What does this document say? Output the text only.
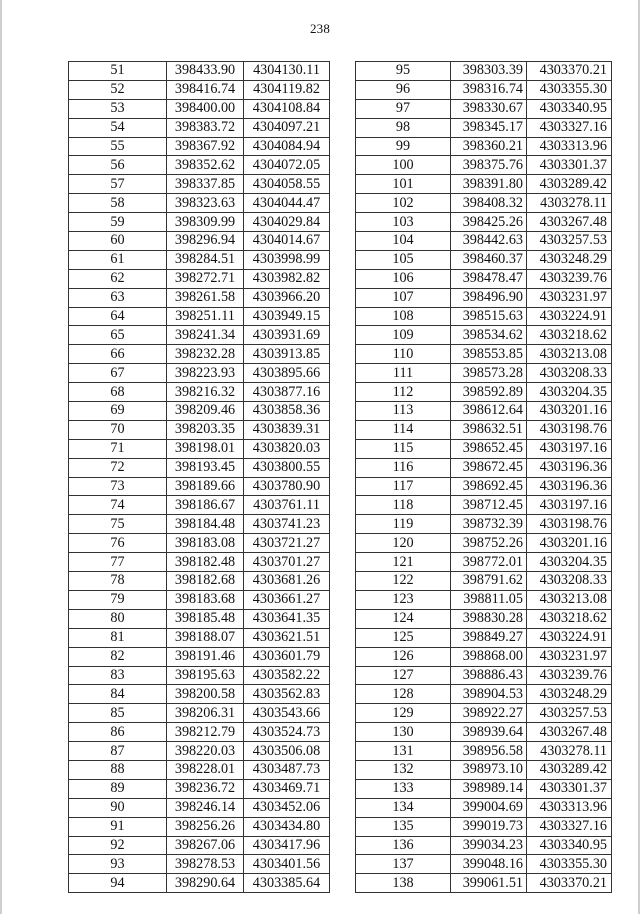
238
51	398433.90	4304130.11
52	398416.74	4304119.82
53	398400.00	4304108.84
54	398383.72	4304097.21
55	398367.92	4304084.94
56	398352.62	4304072.05
57	398337.85	4304058.55
58	398323.63	4304044.47
59	398309.99	4304029.84
60	398296.94	4304014.67
61	398284.51	4303998.99
62	398272.71	4303982.82
63	398261.58	4303966.20
64	398251.11	4303949.15
65	398241.34	4303931.69
66	398232.28	4303913.85
67	398223.93	4303895.66
68	398216.32	4303877.16
69	398209.46	4303858.36
70	398203.35	4303839.31
71	398198.01	4303820.03
72	398193.45	4303800.55
73	398189.66	4303780.90
74	398186.67	4303761.11
75	398184.48	4303741.23
76	398183.08	4303721.27
77	398182.48	4303701.27
78	398182.68	4303681.26
79	398183.68	4303661.27
80	398185.48	4303641.35
81	398188.07	4303621.51
82	398191.46	4303601.79
83	398195.63	4303582.22
84	398200.58	4303562.83
85	398206.31	4303543.66
86	398212.79	4303524.73
87	398220.03	4303506.08
88	398228.01	4303487.73
89	398236.72	4303469.71
90	398246.14	4303452.06
91	398256.26	4303434.80
92	398267.06	4303417.96
93	398278.53	4303401.56
94	398290.64	4303385.64
95	398303.39	4303370.21
96	398316.74	4303355.30
97	398330.67	4303340.95
98	398345.17	4303327.16
99	398360.21	4303313.96
100	398375.76	4303301.37
101	398391.80	4303289.42
102	398408.32	4303278.11
103	398425.26	4303267.48
104	398442.63	4303257.53
105	398460.37	4303248.29
106	398478.47	4303239.76
107	398496.90	4303231.97
108	398515.63	4303224.91
109	398534.62	4303218.62
110	398553.85	4303213.08
111	398573.28	4303208.33
112	398592.89	4303204.35
113	398612.64	4303201.16
114	398632.51	4303198.76
115	398652.45	4303197.16
116	398672.45	4303196.36
117	398692.45	4303196.36
118	398712.45	4303197.16
119	398732.39	4303198.76
120	398752.26	4303201.16
121	398772.01	4303204.35
122	398791.62	4303208.33
123	398811.05	4303213.08
124	398830.28	4303218.62
125	398849.27	4303224.91
126	398868.00	4303231.97
127	398886.43	4303239.76
128	398904.53	4303248.29
129	398922.27	4303257.53
130	398939.64	4303267.48
131	398956.58	4303278.11
132	398973.10	4303289.42
133	398989.14	4303301.37
134	399004.69	4303313.96
135	399019.73	4303327.16
136	399034.23	4303340.95
137	399048.16	4303355.30
138	399061.51	4303370.21
